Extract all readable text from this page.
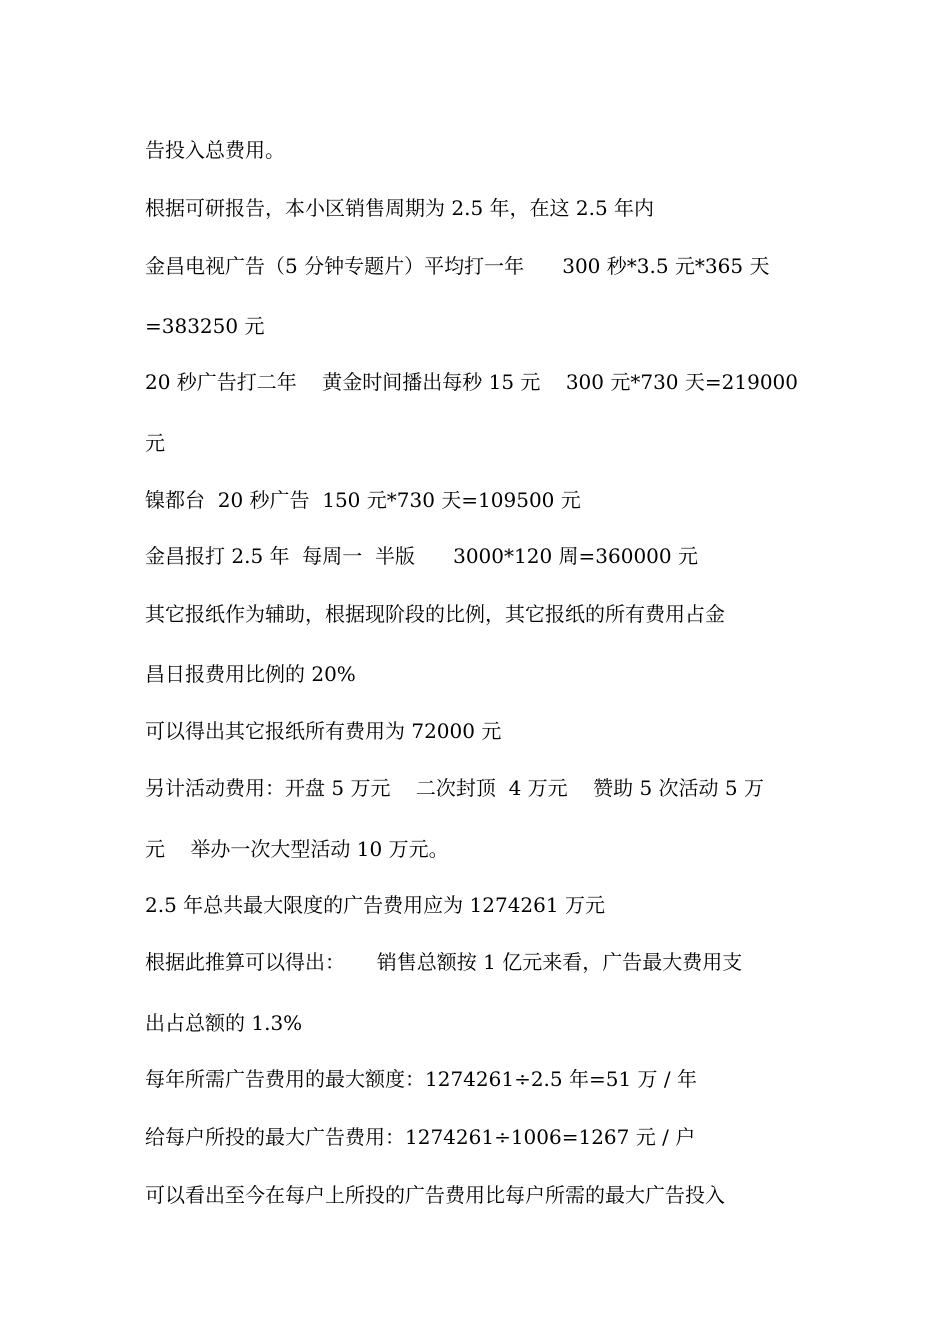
告投入总费用。
根据可研报告，本小区销售周期为 2.5 年，在这 2.5 年内
金昌电视广告（5 分钟专题片）平均打一年      300 秒*3.5 元*365 天
=383250 元
20 秒广告打二年    黄金时间播出每秒 15 元    300 元*730 天=219000
元
镍都台  20 秒广告  150 元*730 天=109500 元
金昌报打 2.5 年  每周一  半版      3000*120 周=360000 元
其它报纸作为辅助，根据现阶段的比例，其它报纸的所有费用占金
昌日报费用比例的 20%
可以得出其它报纸所有费用为 72000 元
另计活动费用：开盘 5 万元    二次封顶  4 万元    赞助 5 次活动 5 万
元    举办一次大型活动 10 万元。
2.5 年总共最大限度的广告费用应为 1274261 万元
根据此推算可以得出：     销售总额按 1 亿元来看，广告最大费用支
出占总额的 1.3%
每年所需广告费用的最大额度：1274261÷2.5 年=51 万 / 年
给每户所投的最大广告费用：1274261÷1006=1267 元 / 户
可以看出至今在每户上所投的广告费用比每户所需的最大广告投入
